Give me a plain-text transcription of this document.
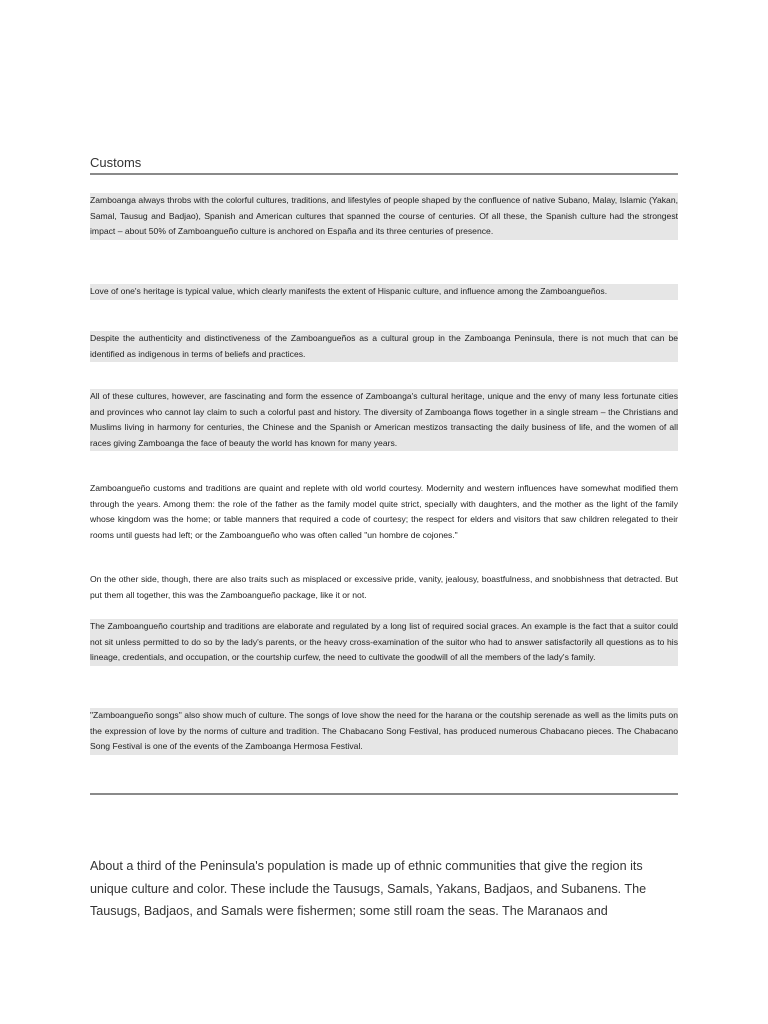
Customs

Zamboanga always throbs with the colorful cultures, traditions, and lifestyles of people shaped by the confluence of native Subano, Malay, Islamic (Yakan, Samal, Tausug and Badjao), Spanish and American cultures that spanned the course of centuries. Of all these, the Spanish culture had the strongest impact – about 50% of Zamboangueño culture is anchored on España and its three centuries of presence.

Love of one's heritage is typical value, which clearly manifests the extent of Hispanic culture, and influence among the Zamboangueños.

Despite the authenticity and distinctiveness of the Zamboangueños as a cultural group in the Zamboanga Peninsula, there is not much that can be identified as indigenous in terms of beliefs and practices.

All of these cultures, however, are fascinating and form the essence of Zamboanga's cultural heritage, unique and the envy of many less fortunate cities and provinces who cannot lay claim to such a colorful past and history. The diversity of Zamboanga flows together in a single stream – the Christians and Muslims living in harmony for centuries, the Chinese and the Spanish or American mestizos transacting the daily business of life, and the women of all races giving Zamboanga the face of beauty the world has known for many years.

Zamboangueño customs and traditions are quaint and replete with old world courtesy. Modernity and western influences have somewhat modified them through the years. Among them: the role of the father as the family model quite strict, specially with daughters, and the mother as the light of the family whose kingdom was the home; or table manners that required a code of courtesy; the respect for elders and visitors that saw children relegated to their rooms until guests had left; or the Zamboangueño who was often called "un hombre de cojones."

On the other side, though, there are also traits such as misplaced or excessive pride, vanity, jealousy, boastfulness, and snobbishness that detracted. But put them all together, this was the Zamboangueño package, like it or not.

The Zamboangueño courtship and traditions are elaborate and regulated by a long list of required social graces. An example is the fact that a suitor could not sit unless permitted to do so by the lady's parents, or the heavy cross-examination of the suitor who had to answer satisfactorily all questions as to his lineage, credentials, and occupation, or the courtship curfew, the need to cultivate the goodwill of all the members of the lady's family.

"Zamboangueño songs" also show much of culture. The songs of love show the need for the harana or the coutship serenade as well as the limits puts on the expression of love by the norms of culture and tradition. The Chabacano Song Festival, has produced numerous Chabacano pieces. The Chabacano Song Festival is one of the events of the Zamboanga Hermosa Festival.

About a third of the Peninsula's population is made up of ethnic communities that give the region its unique culture and color. These include the Tausugs, Samals, Yakans, Badjaos, and Subanens. The Tausugs, Badjaos, and Samals were fishermen; some still roam the seas. The Maranaos and
